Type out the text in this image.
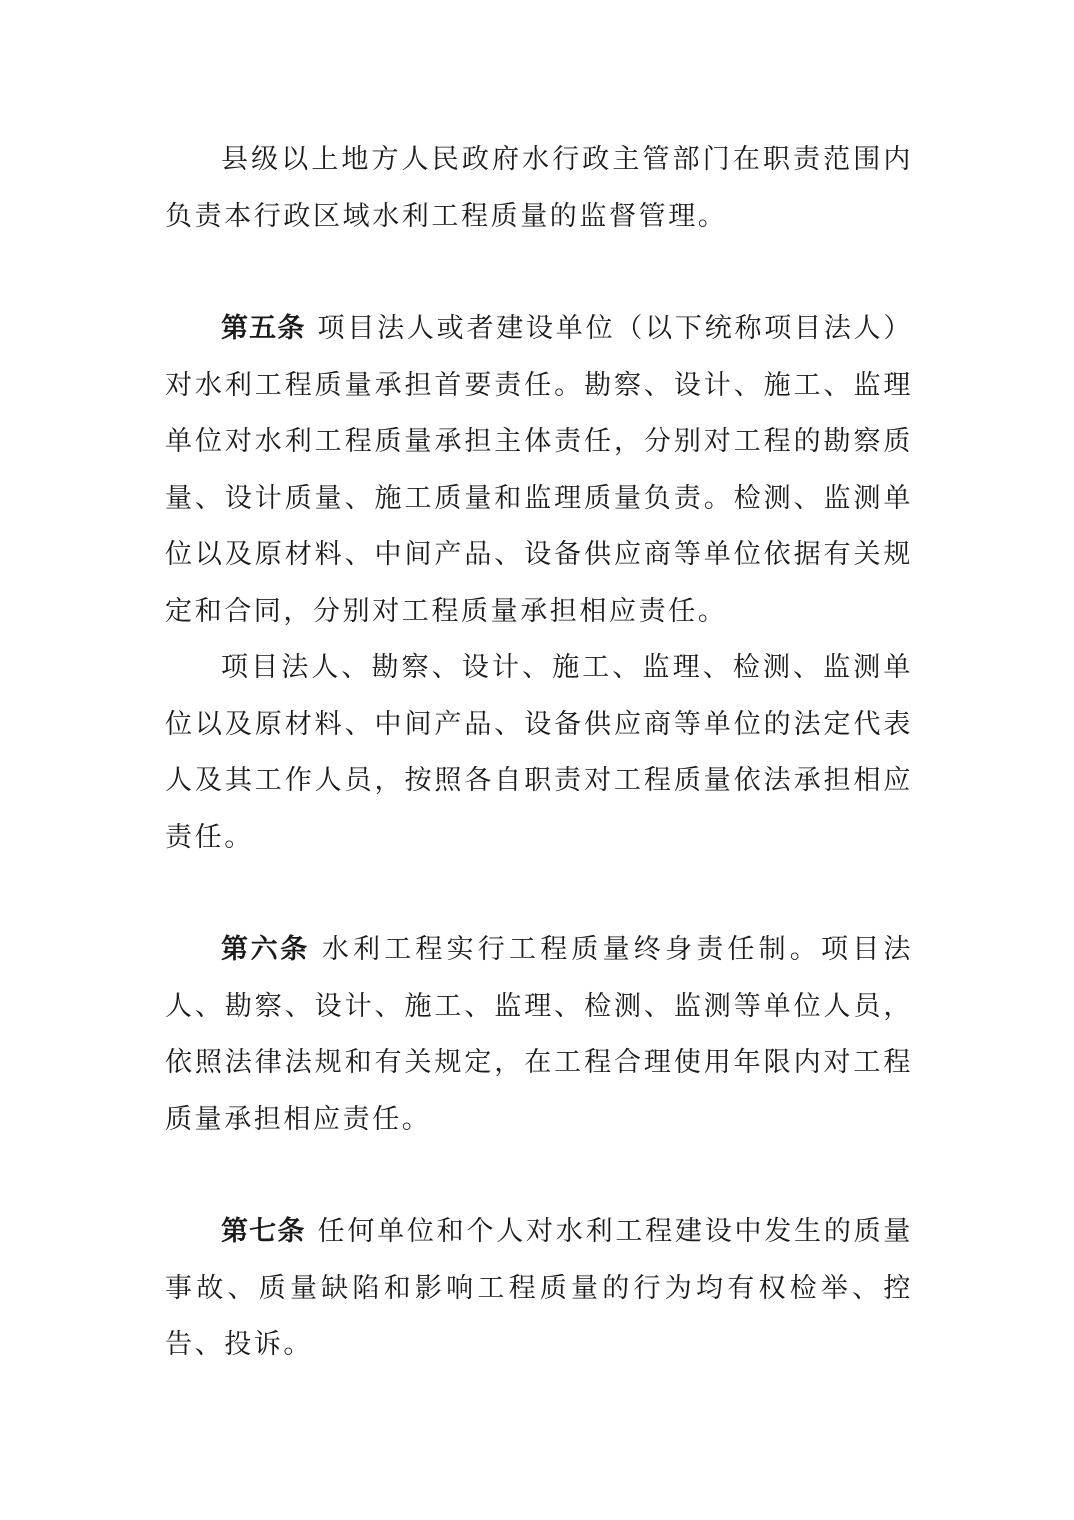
县级以上地方人民政府水行政主管部门在职责范围内负责本行政区域水利工程质量的监督管理。

第五条 项目法人或者建设单位（以下统称项目法人）对水利工程质量承担首要责任。勘察、设计、施工、监理单位对水利工程质量承担主体责任，分别对工程的勘察质量、设计质量、施工质量和监理质量负责。检测、监测单位以及原材料、中间产品、设备供应商等单位依据有关规定和合同，分别对工程质量承担相应责任。

项目法人、勘察、设计、施工、监理、检测、监测单位以及原材料、中间产品、设备供应商等单位的法定代表人及其工作人员，按照各自职责对工程质量依法承担相应责任。

第六条 水利工程实行工程质量终身责任制。项目法人、勘察、设计、施工、监理、检测、监测等单位人员，依照法律法规和有关规定，在工程合理使用年限内对工程质量承担相应责任。

第七条 任何单位和个人对水利工程建设中发生的质量事故、质量缺陷和影响工程质量的行为均有权检举、控告、投诉。
